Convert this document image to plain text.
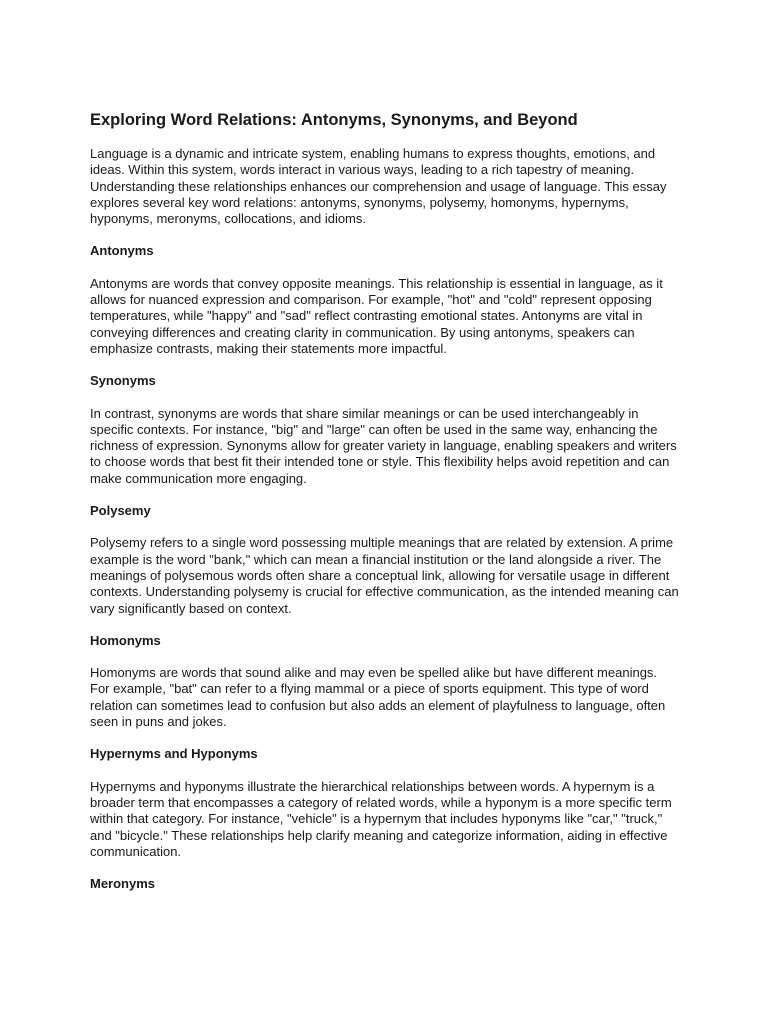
Exploring Word Relations: Antonyms, Synonyms, and Beyond

Language is a dynamic and intricate system, enabling humans to express thoughts, emotions, and ideas. Within this system, words interact in various ways, leading to a rich tapestry of meaning. Understanding these relationships enhances our comprehension and usage of language. This essay explores several key word relations: antonyms, synonyms, polysemy, homonyms, hypernyms, hyponyms, meronyms, collocations, and idioms.

Antonyms

Antonyms are words that convey opposite meanings. This relationship is essential in language, as it allows for nuanced expression and comparison. For example, "hot" and "cold" represent opposing temperatures, while "happy" and "sad" reflect contrasting emotional states. Antonyms are vital in conveying differences and creating clarity in communication. By using antonyms, speakers can emphasize contrasts, making their statements more impactful.

Synonyms

In contrast, synonyms are words that share similar meanings or can be used interchangeably in specific contexts. For instance, "big" and "large" can often be used in the same way, enhancing the richness of expression. Synonyms allow for greater variety in language, enabling speakers and writers to choose words that best fit their intended tone or style. This flexibility helps avoid repetition and can make communication more engaging.

Polysemy

Polysemy refers to a single word possessing multiple meanings that are related by extension. A prime example is the word "bank," which can mean a financial institution or the land alongside a river. The meanings of polysemous words often share a conceptual link, allowing for versatile usage in different contexts. Understanding polysemy is crucial for effective communication, as the intended meaning can vary significantly based on context.

Homonyms

Homonyms are words that sound alike and may even be spelled alike but have different meanings. For example, "bat" can refer to a flying mammal or a piece of sports equipment. This type of word relation can sometimes lead to confusion but also adds an element of playfulness to language, often seen in puns and jokes.

Hypernyms and Hyponyms

Hypernyms and hyponyms illustrate the hierarchical relationships between words. A hypernym is a broader term that encompasses a category of related words, while a hyponym is a more specific term within that category. For instance, "vehicle" is a hypernym that includes hyponyms like "car," "truck," and "bicycle." These relationships help clarify meaning and categorize information, aiding in effective communication.

Meronyms
